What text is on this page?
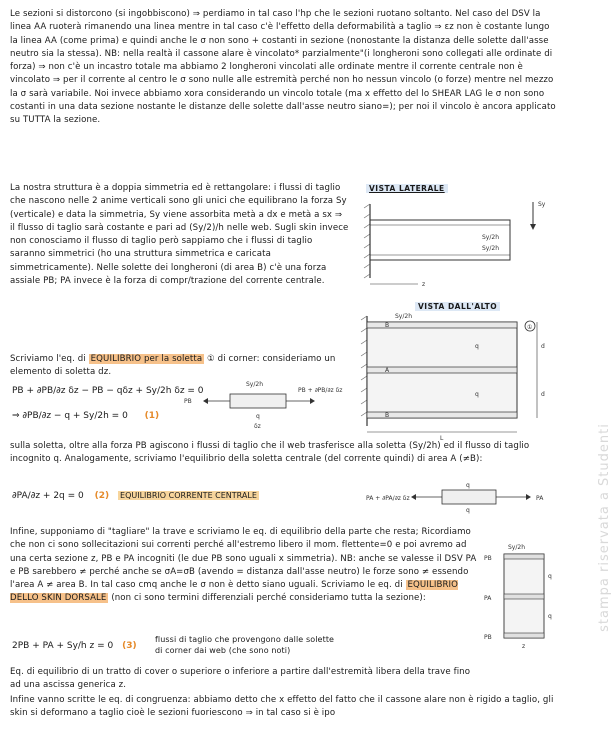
Le sezioni si distorcono (si ingobbiscono) ⇒ perdiamo in tal caso l'hp che le sezioni ruotano soltanto. Nel caso del DSV la linea AA ruoterà rimanendo una linea mentre in tal caso c'è l'effetto della deformabilità a taglio ⇒ εz non è costante lungo la linea AA (come prima) e quindi anche le σ non sono + costanti in sezione (nonostante la distanza delle solette dall'asse neutro sia la stessa). NB: nella realtà il cassone alare è vincolato* parzialmente"(i longheroni sono collegati alle ordinate di forza) ⇒ non c'è un incastro totale ma abbiamo 2 longheroni vincolati alle ordinate mentre il corrente centrale non è vincolato ⇒ per il corrente al centro le σ sono nulle alle estremità perché non ho nessun vincolo (o forze) mentre nel mezzo la σ sarà variabile. Noi invece abbiamo xora considerando un vincolo totale (ma x effetto del lo SHEAR LAG le σ non sono costanti in una data sezione nostante le distanze delle solette dall'asse neutro siano=); per noi il vincolo è ancora applicato su TUTTA la sezione.
La nostra struttura è a doppia simmetria ed è rettangolare: i flussi di taglio che nascono nelle 2 anime verticali sono gli unici che equilibrano la forza Sy (verticale) e data la simmetria, Sy viene assorbita metà a dx e metà a sx ⇒ il flusso di taglio sarà costante e pari ad (Sy/2)/h nelle web. Sugli skin invece non conosciamo il flusso di taglio però sappiamo che i flussi di taglio saranno simmetrici (ho una struttura simmetrica e caricata simmetricamente). Nelle solette dei longheroni (di area B) c'è una forza assiale PB; PA invece è la forza di compr/trazione del corrente centrale.
VISTA LATERALE
Sy
Sy/2h
Sy/2h
z
VISTA DALL'ALTO
①
Sy/2h
q
q
B
A
B
d
d
L
Scriviamo l'eq. di EQUILIBRIO per la soletta ① di corner: consideriamo un elemento di soletta dz.
PB + ∂PB/∂z δz − PB − qδz + Sy/2h δz = 0
⇒ ∂PB/∂z − q + Sy/2h = 0 (1)
PB
PB + ∂PB/∂z δz
Sy/2h
q
δz
sulla soletta, oltre alla forza PB agiscono i flussi di taglio che il web trasferisce alla soletta (Sy/2h) ed il flusso di taglio incognito q. Analogamente, scriviamo l'equilibrio della soletta centrale (del corrente quindi) di area A (≠B):
∂PA/∂z + 2q = 0 (2) EQUILIBRIO CORRENTE CENTRALE	PA + ∂PA/∂z δz	PA
q
q
Infine, supponiamo di "tagliare" la trave e scriviamo le eq. di equilibrio della parte che resta; Ricordiamo che non ci sono sollecitazioni sui correnti perché all'estremo libero il mom. flettente=0 e poi avremo ad una certa sezione z, PB e PA incogniti (le due PB sono uguali x simmetria). NB: anche se valesse il DSV PA e PB sarebbero ≠ perché anche se σA=σB (avendo = distanza dall'asse neutro) le forze sono ≠ essendo l'area A ≠ area B. In tal caso cmq anche le σ non è detto siano uguali. Scriviamo le eq. di EQUILIBRIO DELLO SKIN DORSALE (non ci sono termini differenziali perché consideriamo tutta la sezione):
Sy/2h
PB
PA
PB
q
q
z
2PB + PA + Sy/h z = 0 (3)
flussi di taglio che provengono dalle solette
di corner dai web (che sono noti)
Eq. di equilibrio di un tratto di cover o superiore o inferiore a partire dall'estremità libera della trave fino ad una ascissa generica z.
Infine vanno scritte le eq. di congruenza: abbiamo detto che x effetto del fatto che il cassone alare non è rigido a taglio, gli skin si deformano a taglio cioè le sezioni fuoriescono ⇒ in tal caso si è ipo
stampa riservata a Studenti
